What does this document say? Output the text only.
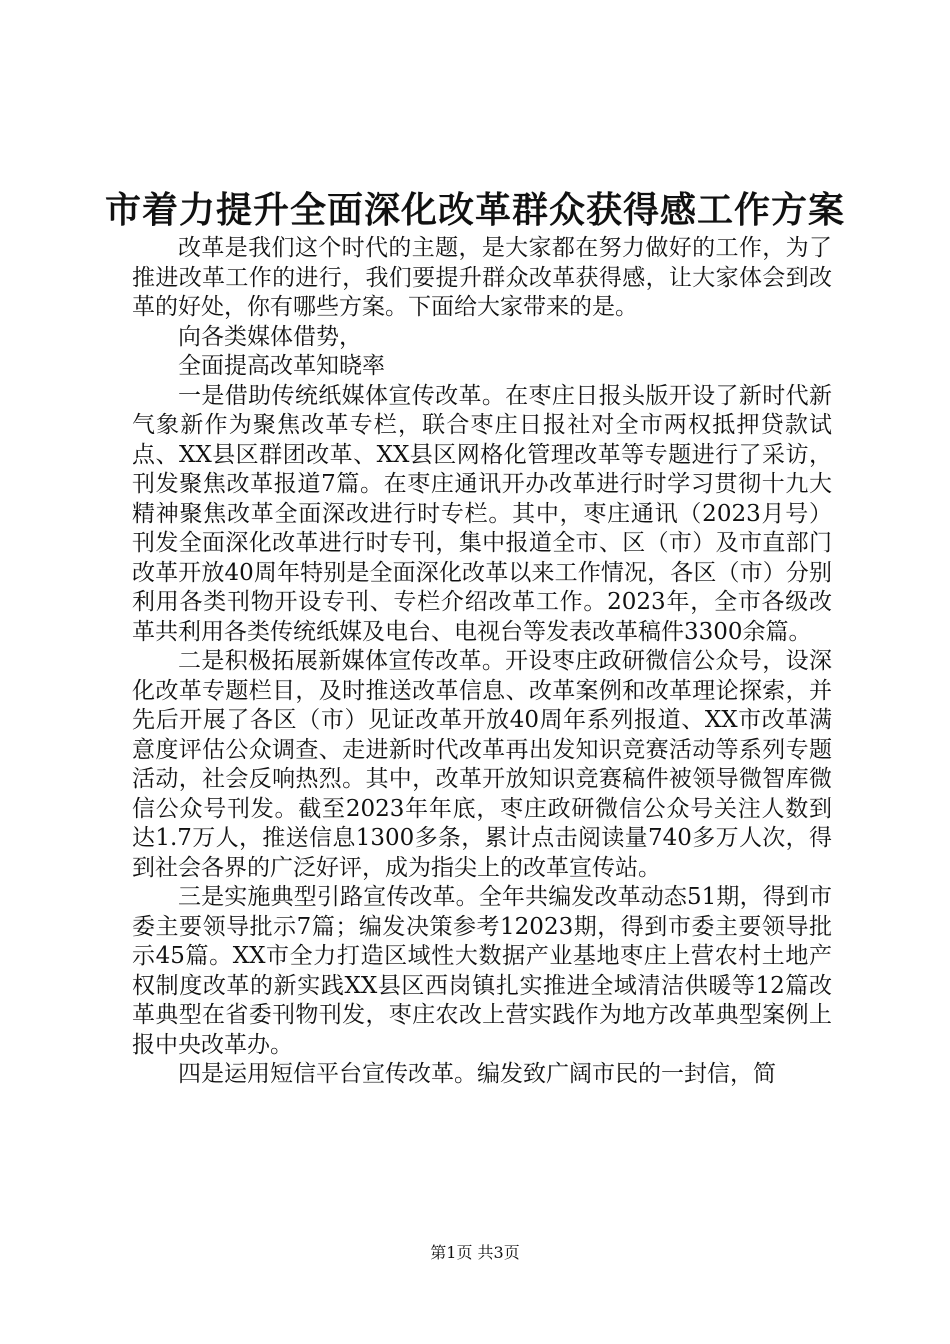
市着力提升全面深化改革群众获得感工作方案

改革是我们这个时代的主题，是大家都在努力做好的工作，为了推进改革工作的进行，我们要提升群众改革获得感，让大家体会到改革的好处，你有哪些方案。下面给大家带来的是。

向各类媒体借势，

全面提高改革知晓率

一是借助传统纸媒体宣传改革。在枣庄日报头版开设了新时代新气象新作为聚焦改革专栏，联合枣庄日报社对全市两权抵押贷款试点、XX县区群团改革、XX县区网格化管理改革等专题进行了采访，刊发聚焦改革报道7篇。在枣庄通讯开办改革进行时学习贯彻十九大精神聚焦改革全面深改进行时专栏。其中，枣庄通讯（2023月号）刊发全面深化改革进行时专刊，集中报道全市、区（市）及市直部门改革开放40周年特别是全面深化改革以来工作情况，各区（市）分别利用各类刊物开设专刊、专栏介绍改革工作。2023年，全市各级改革共利用各类传统纸媒及电台、电视台等发表改革稿件3300余篇。

二是积极拓展新媒体宣传改革。开设枣庄政研微信公众号，设深化改革专题栏目，及时推送改革信息、改革案例和改革理论探索，并先后开展了各区（市）见证改革开放40周年系列报道、XX市改革满意度评估公众调查、走进新时代改革再出发知识竞赛活动等系列专题活动，社会反响热烈。其中，改革开放知识竞赛稿件被领导微智库微信公众号刊发。截至2023年年底，枣庄政研微信公众号关注人数到达1.7万人，推送信息1300多条，累计点击阅读量740多万人次，得到社会各界的广泛好评，成为指尖上的改革宣传站。

三是实施典型引路宣传改革。全年共编发改革动态51期，得到市委主要领导批示7篇；编发决策参考12023期，得到市委主要领导批示45篇。XX市全力打造区域性大数据产业基地枣庄上营农村土地产权制度改革的新实践XX县区西岗镇扎实推进全域清洁供暖等12篇改革典型在省委刊物刊发，枣庄农改上营实践作为地方改革典型案例上报中央改革办。

四是运用短信平台宣传改革。编发致广阔市民的一封信，简

第1页 共3页
